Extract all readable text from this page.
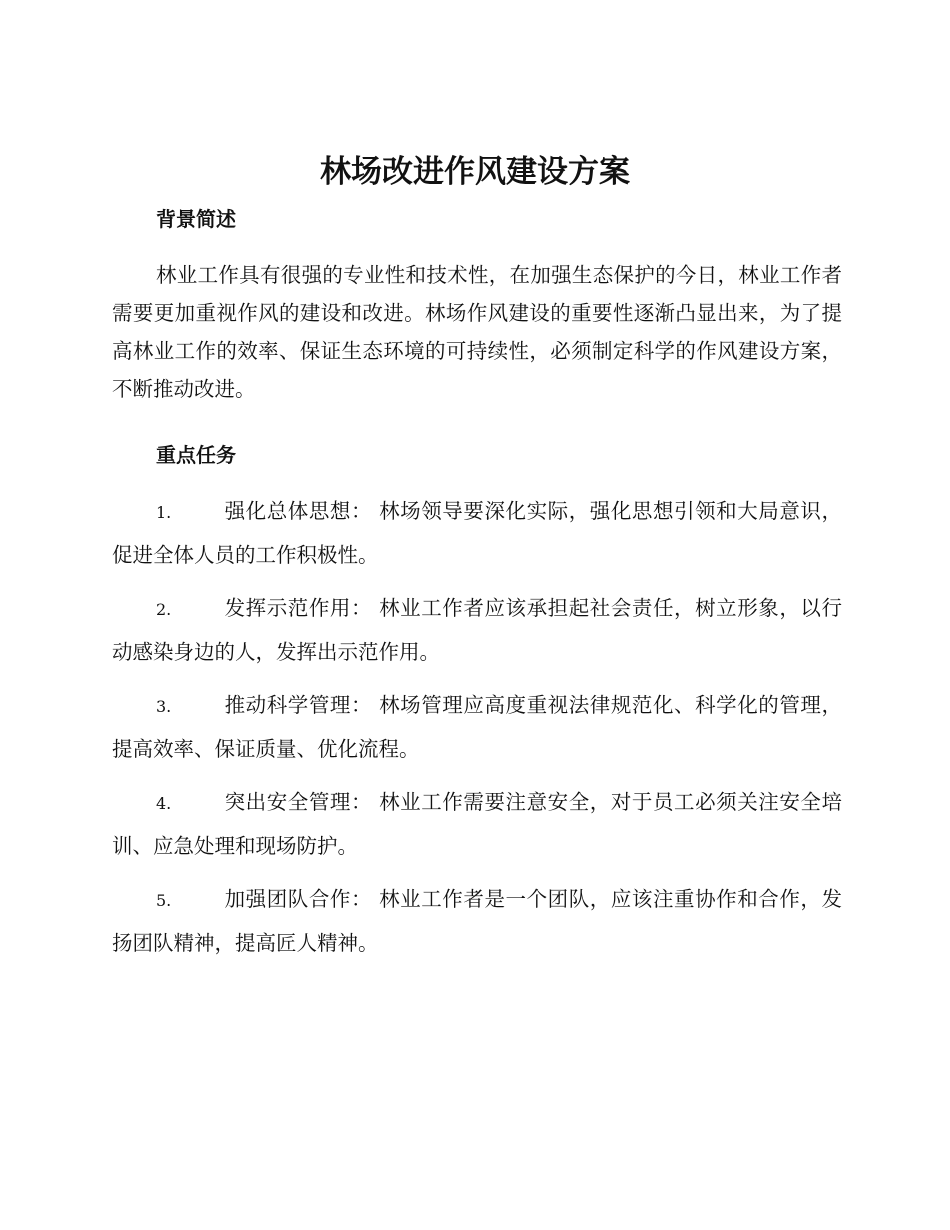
林场改进作风建设方案
背景简述
林业工作具有很强的专业性和技术性，在加强生态保护的今日，林业工作者需要更加重视作风的建设和改进。林场作风建设的重要性逐渐凸显出来，为了提高林业工作的效率、保证生态环境的可持续性，必须制定科学的作风建设方案，不断推动改进。
重点任务
1.	强化总体思想： 林场领导要深化实际，强化思想引领和大局意识，促进全体人员的工作积极性。
2.	发挥示范作用： 林业工作者应该承担起社会责任，树立形象，以行动感染身边的人，发挥出示范作用。
3.	推动科学管理： 林场管理应高度重视法律规范化、科学化的管理，提高效率、保证质量、优化流程。
4.	突出安全管理： 林业工作需要注意安全，对于员工必须关注安全培训、应急处理和现场防护。
5.	加强团队合作： 林业工作者是一个团队，应该注重协作和合作，发扬团队精神，提高匠人精神。
